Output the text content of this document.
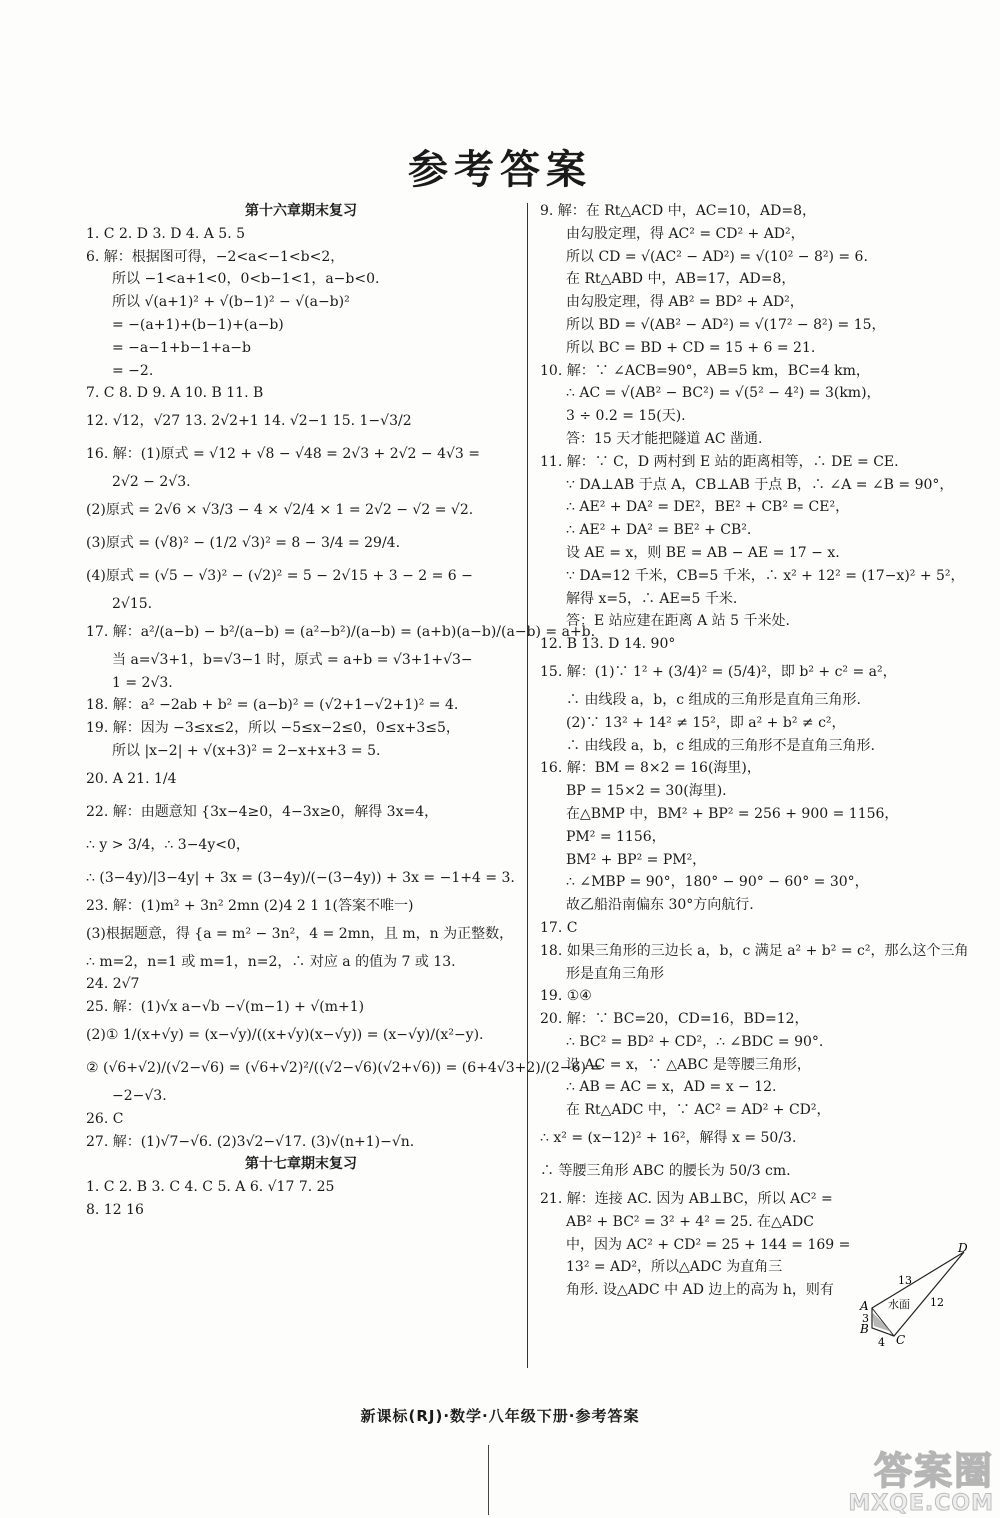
参考答案
第十六章期末复习
1. C 2. D 3. D 4. A 5. 5
6. 解：根据图可得，−2<a<−1<b<2，
所以 −1<a+1<0，0<b−1<1，a−b<0.
所以 √(a+1)² + √(b−1)² − √(a−b)²
= −(a+1)+(b−1)+(a−b)
= −a−1+b−1+a−b
= −2.
7. C 8. D 9. A 10. B 11. B
12. √12，√27 13. 2√2+1 14. √2−1 15. 1−√3/2
16. 解：(1)原式 = √12 + √8 − √48 = 2√3 + 2√2 − 4√3 =
2√2 − 2√3.
(2)原式 = 2√6 × √3/3 − 4 × √2/4 × 1 = 2√2 − √2 = √2.
(3)原式 = (√8)² − (1/2 √3)² = 8 − 3/4 = 29/4.
(4)原式 = (√5 − √3)² − (√2)² = 5 − 2√15 + 3 − 2 = 6 −
2√15.
17. 解：a²/(a−b) − b²/(a−b) = (a²−b²)/(a−b) = (a+b)(a−b)/(a−b) = a+b.
当 a=√3+1，b=√3−1 时，原式 = a+b = √3+1+√3−
1 = 2√3.
18. 解：a² −2ab + b² = (a−b)² = (√2+1−√2+1)² = 4.
19. 解：因为 −3≤x≤2，所以 −5≤x−2≤0，0≤x+3≤5，
所以 |x−2| + √(x+3)² = 2−x+x+3 = 5.
20. A 21. 1/4
22. 解：由题意知 {3x−4≥0，4−3x≥0，解得 3x=4，
∴ y > 3/4，∴ 3−4y<0，
∴ (3−4y)/|3−4y| + 3x = (3−4y)/(−(3−4y)) + 3x = −1+4 = 3.
23. 解：(1)m² + 3n² 2mn (2)4 2 1 1(答案不唯一)
(3)根据题意，得 {a = m² − 3n²，4 = 2mn，且 m，n 为正整数，
∴ m=2，n=1 或 m=1，n=2，∴ 对应 a 的值为 7 或 13.
24. 2√7
25. 解：(1)√x a−√b −√(m−1) + √(m+1)
(2)① 1/(x+√y) = (x−√y)/((x+√y)(x−√y)) = (x−√y)/(x²−y).
② (√6+√2)/(√2−√6) = (√6+√2)²/((√2−√6)(√2+√6)) = (6+4√3+2)/(2−6) =
−2−√3.
26. C
27. 解：(1)√7−√6. (2)3√2−√17. (3)√(n+1)−√n.
第十七章期末复习
1. C 2. B 3. C 4. C 5. A 6. √17 7. 25
8. 12 16
9. 解：在 Rt△ACD 中，AC=10，AD=8，
由勾股定理，得 AC² = CD² + AD²，
所以 CD = √(AC² − AD²) = √(10² − 8²) = 6.
在 Rt△ABD 中，AB=17，AD=8，
由勾股定理，得 AB² = BD² + AD²，
所以 BD = √(AB² − AD²) = √(17² − 8²) = 15，
所以 BC = BD + CD = 15 + 6 = 21.
10. 解：∵ ∠ACB=90°，AB=5 km，BC=4 km，
∴ AC = √(AB² − BC²) = √(5² − 4²) = 3(km)，
3 ÷ 0.2 = 15(天).
答：15 天才能把隧道 AC 凿通.
11. 解：∵ C，D 两村到 E 站的距离相等，∴ DE = CE.
∵ DA⊥AB 于点 A，CB⊥AB 于点 B，∴ ∠A = ∠B = 90°，
∴ AE² + DA² = DE²，BE² + CB² = CE²，
∴ AE² + DA² = BE² + CB².
设 AE = x，则 BE = AB − AE = 17 − x.
∵ DA=12 千米，CB=5 千米，∴ x² + 12² = (17−x)² + 5²，
解得 x=5，∴ AE=5 千米.
答：E 站应建在距离 A 站 5 千米处.
12. B 13. D 14. 90°
15. 解：(1)∵ 1² + (3/4)² = (5/4)²，即 b² + c² = a²，
∴ 由线段 a，b，c 组成的三角形是直角三角形.
(2)∵ 13² + 14² ≠ 15²，即 a² + b² ≠ c²，
∴ 由线段 a，b，c 组成的三角形不是直角三角形.
16. 解：BM = 8×2 = 16(海里)，
BP = 15×2 = 30(海里).
在△BMP 中，BM² + BP² = 256 + 900 = 1156，
PM² = 1156，
BM² + BP² = PM²，
∴ ∠MBP = 90°，180° − 90° − 60° = 30°，
故乙船沿南偏东 30°方向航行.
17. C
18. 如果三角形的三边长 a，b，c 满足 a² + b² = c²，那么这个三角
形是直角三角形
19. ①④
20. 解：∵ BC=20，CD=16，BD=12，
∴ BC² = BD² + CD²，∴ ∠BDC = 90°.
设 AC = x，∵ △ABC 是等腰三角形，
∴ AB = AC = x，AD = x − 12.
在 Rt△ADC 中，∵ AC² = AD² + CD²，
∴ x² = (x−12)² + 16²，解得 x = 50/3.
∴ 等腰三角形 ABC 的腰长为 50/3 cm.
21. 解：连接 AC. 因为 AB⊥BC，所以 AC² =
AB² + BC² = 3² + 4² = 25. 在△ADC
中，因为 AC² + CD² = 25 + 144 = 169 =
13² = AD²，所以△ADC 为直角三
角形. 设△ADC 中 AD 边上的高为 h，则有
D
A
B
C
水面
13
12
3
4
新课标(RJ)·数学·八年级下册·参考答案
答案圈
MXQE.COM
